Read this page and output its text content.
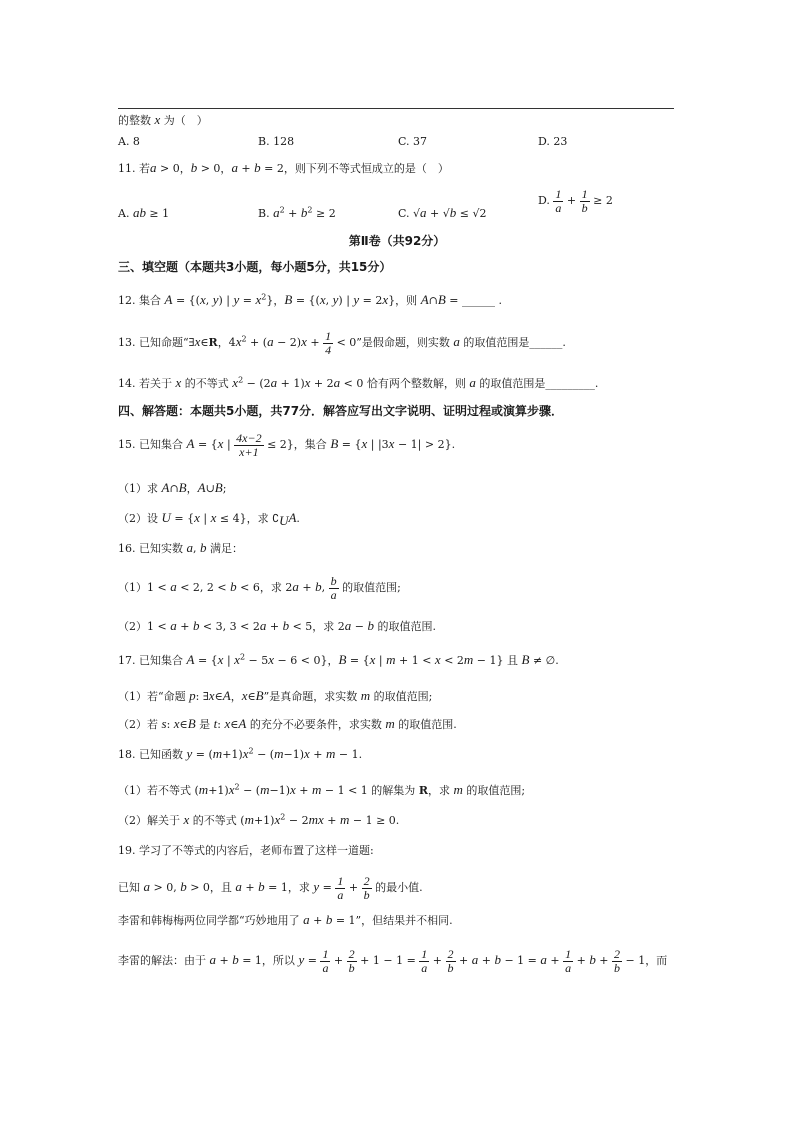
的整数 x 为（　）
A. 8	B. 128	C. 37	D. 23
11. 若a > 0，b > 0，a + b = 2，则下列不等式恒成立的是（　）
A. ab ≥ 1	B. $a^2 + b^2 \ge 2$	C. √a + √b ≤ √2
D. $\frac{1}{a} + \frac{1}{b} \ge 2$
第Ⅱ卷（共92分）
三、填空题（本题共3小题，每小题5分，共15分）
12. 集合 A = {(x, y) | $y = x^2$}，B = {(x, y) | y = 2x}，则 A∩B = ______ .
13. 已知命题“∃x∈R，$4x^2 + (a - 2)x + \frac{1}{4} < 0$”是假命题，则实数 a 的取值范围是______.
14. 若关于 x 的不等式 $x^2 - (2a + 1)x + 2a < 0$ 恰有两个整数解，则 a 的取值范围是_________.
四、解答题：本题共5小题，共77分．解答应写出文字说明、证明过程或演算步骤．
15. 已知集合 A = {x | $\frac{4x-2}{x+1} \le 2$}，集合 B = {x | |3x − 1| > 2}.
（1）求 A∩B，A∪B;
（2）设 U = {x | x ≤ 4}，求 $∁_UA$.
16. 已知实数 a, b 满足：
（1）1 < a < 2, 2 < b < 6，求 2a + b, $\frac{b}{a}$ 的取值范围;
（2）1 < a + b < 3, 3 < 2a + b < 5，求 2a − b 的取值范围.
17. 已知集合 A = {x | $x^2 - 5x - 6 < 0$}，B = {x | m + 1 < x < 2m − 1} 且 B ≠ ∅.
（1）若“命题 p: ∃x∈A，x∈B”是真命题，求实数 m 的取值范围;
（2）若 s: x∈B 是 t: x∈A 的充分不必要条件，求实数 m 的取值范围.
18. 已知函数 $y = (m+1)x^2 - (m-1)x + m - 1$.
（1）若不等式 $(m+1)x^2 - (m-1)x + m - 1 < 1$ 的解集为 R，求 m 的取值范围;
（2）解关于 x 的不等式 $(m+1)x^2 - 2mx + m - 1 \ge 0$.
19. 学习了不等式的内容后，老师布置了这样一道题:
已知 a > 0, b > 0，且 a + b = 1，求 $y = \frac{1}{a} + \frac{2}{b}$ 的最小值.
李雷和韩梅梅两位同学都“巧妙地用了 a + b = 1”，但结果并不相同.
李雷的解法：由于 a + b = 1，所以 $y = \frac{1}{a} + \frac{2}{b} + 1 - 1 = \frac{1}{a} + \frac{2}{b} + a + b - 1 = a + \frac{1}{a} + b + \frac{2}{b} - 1$，而
